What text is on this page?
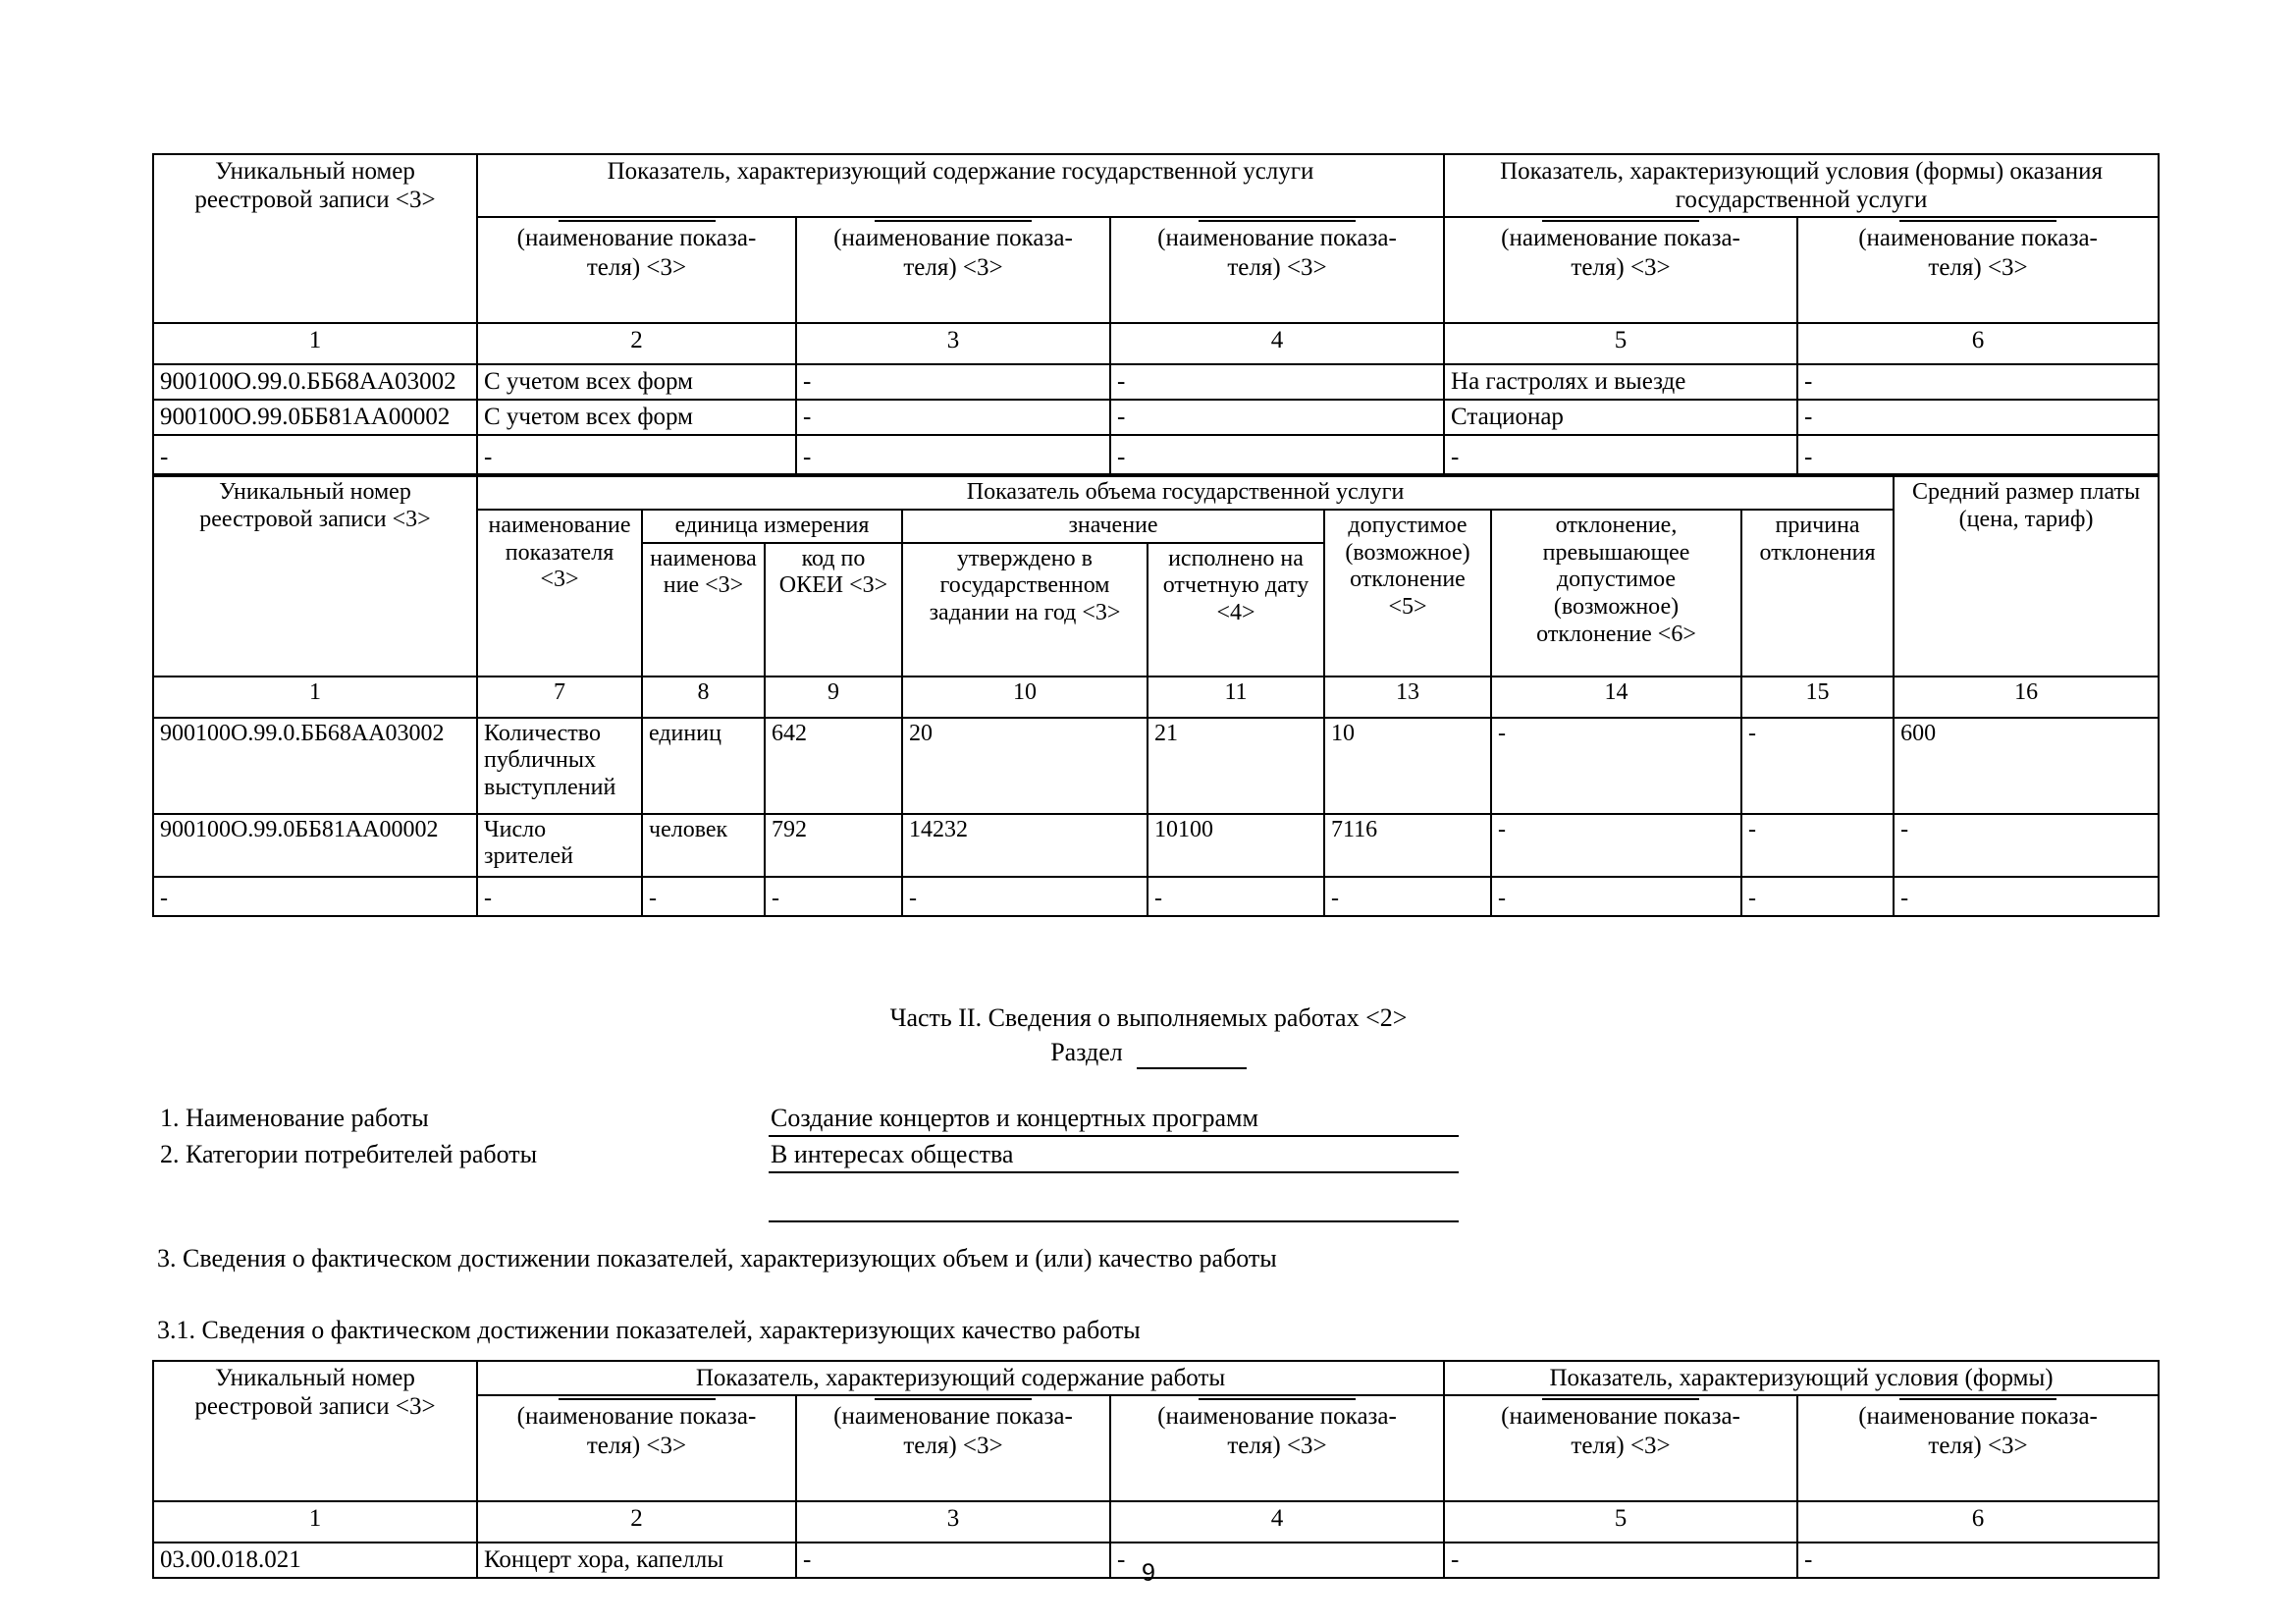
Уникальный номер реестровой записи <3>	Показатель, характеризующий содержание государственной услуги			Показатель, характеризующий условия (формы) оказания государственной услуги	

	(наименование показа-
теля) <3>	(наименование показа-
теля) <3>	(наименование показа-
теля) <3>	(наименование показа-
теля) <3>	(наименование показа-
теля) <3>

1	2	3	4	5	6
900100О.99.0.ББ68АА03002	С учетом всех форм	-	-	На гастролях и выезде	-
900100О.99.0ББ81АА00002	С учетом всех форм	-	-	Стационар	-
-	-	-	-	-	-
Уникальный номер реестровой записи <3>	Показатель объема государственной услуги								Средний размер платы (цена, тариф)
	наименование показателя <3>	единица измерения		значение		допустимое (возможное) отклонение <5>	отклонение, превышающее допустимое (возможное) отклонение <6>	причина отклонения	
		наименование <3>	код по ОКЕИ <3>	утверждено в государственном задании на год <3>	исполнено на отчетную дату <4>				
1	7	8	9	10	11	13	14	15	16
900100О.99.0.ББ68АА03002	Количество публичных выступлений	единиц	642	20	21	10	-	-	600
900100О.99.0ББ81АА00002	Число зрителей	человек	792	14232	10100	7116	-	-	-
-	-	-	-	-	-	-	-	-	-
Часть II. Сведения о выполняемых работах <2>
Раздел
1. Наименование работы
2. Категории потребителей работы
Создание концертов и концертных программ
В интересах общества
3. Сведения о фактическом достижении показателей, характеризующих объем и (или) качество работы
3.1. Сведения о фактическом достижении показателей, характеризующих качество работы
Уникальный номер реестровой записи <3>	Показатель, характеризующий содержание работы			Показатель, характеризующий условия (формы)	

	(наименование показа-
теля) <3>	(наименование показа-
теля) <3>	(наименование показа-
теля) <3>	(наименование показа-
теля) <3>	(наименование показа-
теля) <3>

1	2	3	4	5	6
03.00.018.021	Концерт хора, капеллы	-	-	-	-
9
